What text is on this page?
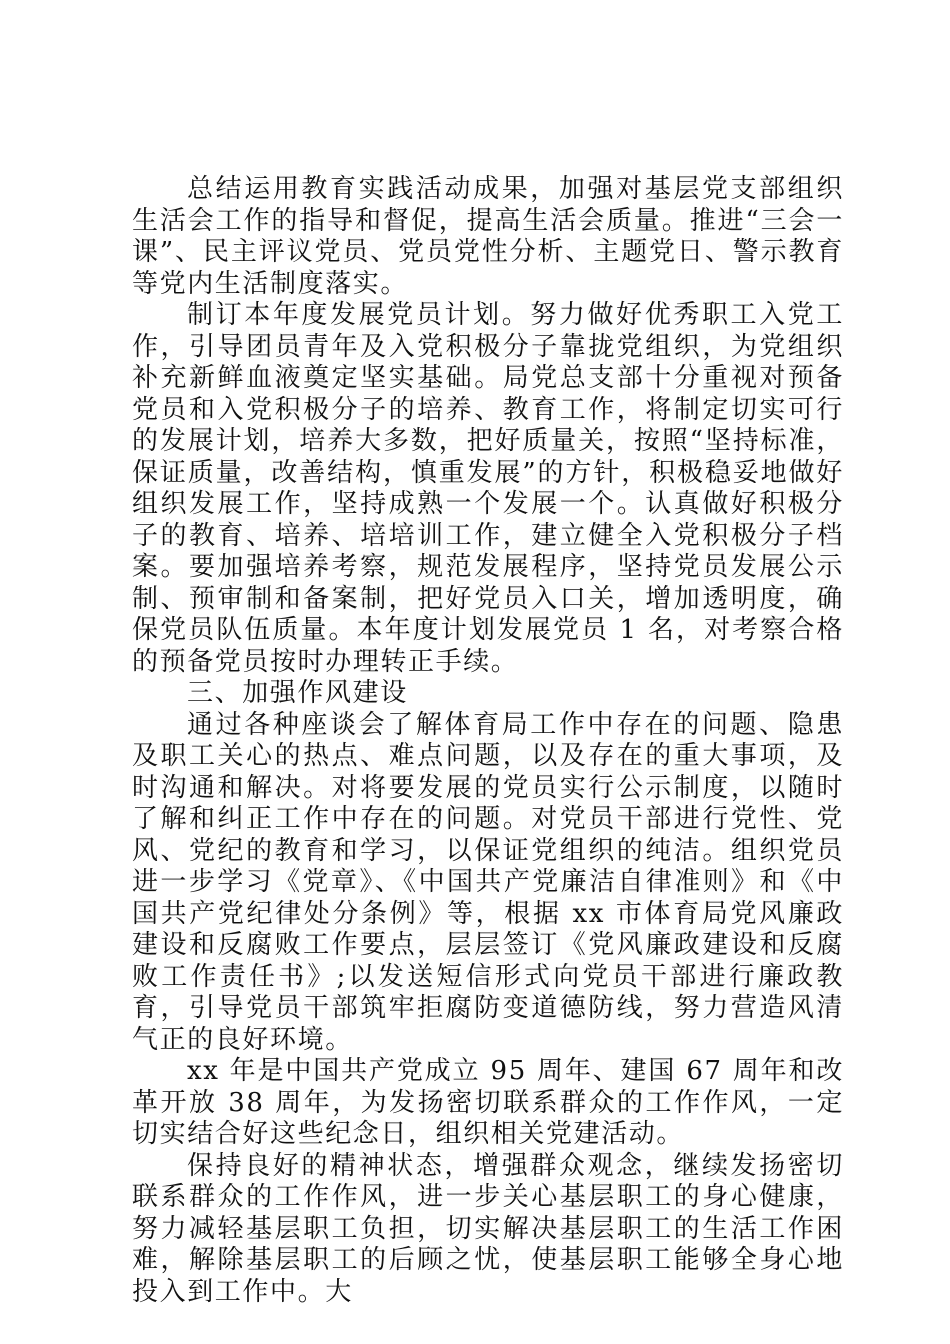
总结运用教育实践活动成果，加强对基层党支部组织生活会工作的指导和督促，提高生活会质量。推进“三会一课”、民主评议党员、党员党性分析、主题党日、警示教育等党内生活制度落实。

制订本年度发展党员计划。努力做好优秀职工入党工作，引导团员青年及入党积极分子靠拢党组织，为党组织补充新鲜血液奠定坚实基础。局党总支部十分重视对预备党员和入党积极分子的培养、教育工作，将制定切实可行的发展计划，培养大多数，把好质量关，按照“坚持标准，保证质量，改善结构，慎重发展”的方针，积极稳妥地做好组织发展工作，坚持成熟一个发展一个。认真做好积极分子的教育、培养、培培训工作，建立健全入党积极分子档案。要加强培养考察，规范发展程序，坚持党员发展公示制、预审制和备案制，把好党员入口关，增加透明度，确保党员队伍质量。本年度计划发展党员 1 名，对考察合格的预备党员按时办理转正手续。

三、加强作风建设

通过各种座谈会了解体育局工作中存在的问题、隐患及职工关心的热点、难点问题，以及存在的重大事项，及时沟通和解决。对将要发展的党员实行公示制度，以随时了解和纠正工作中存在的问题。对党员干部进行党性、党风、党纪的教育和学习，以保证党组织的纯洁。组织党员进一步学习《党章》、《中国共产党廉洁自律准则》和《中国共产党纪律处分条例》等，根据 xx 市体育局党风廉政建设和反腐败工作要点，层层签订《党风廉政建设和反腐败工作责任书》;以发送短信形式向党员干部进行廉政教育，引导党员干部筑牢拒腐防变道德防线，努力营造风清气正的良好环境。

xx 年是中国共产党成立 95 周年、建国 67 周年和改革开放 38 周年，为发扬密切联系群众的工作作风，一定切实结合好这些纪念日，组织相关党建活动。

保持良好的精神状态，增强群众观念，继续发扬密切联系群众的工作作风，进一步关心基层职工的身心健康，努力减轻基层职工负担，切实解决基层职工的生活工作困难，解除基层职工的后顾之忧，使基层职工能够全身心地投入到工作中。大
